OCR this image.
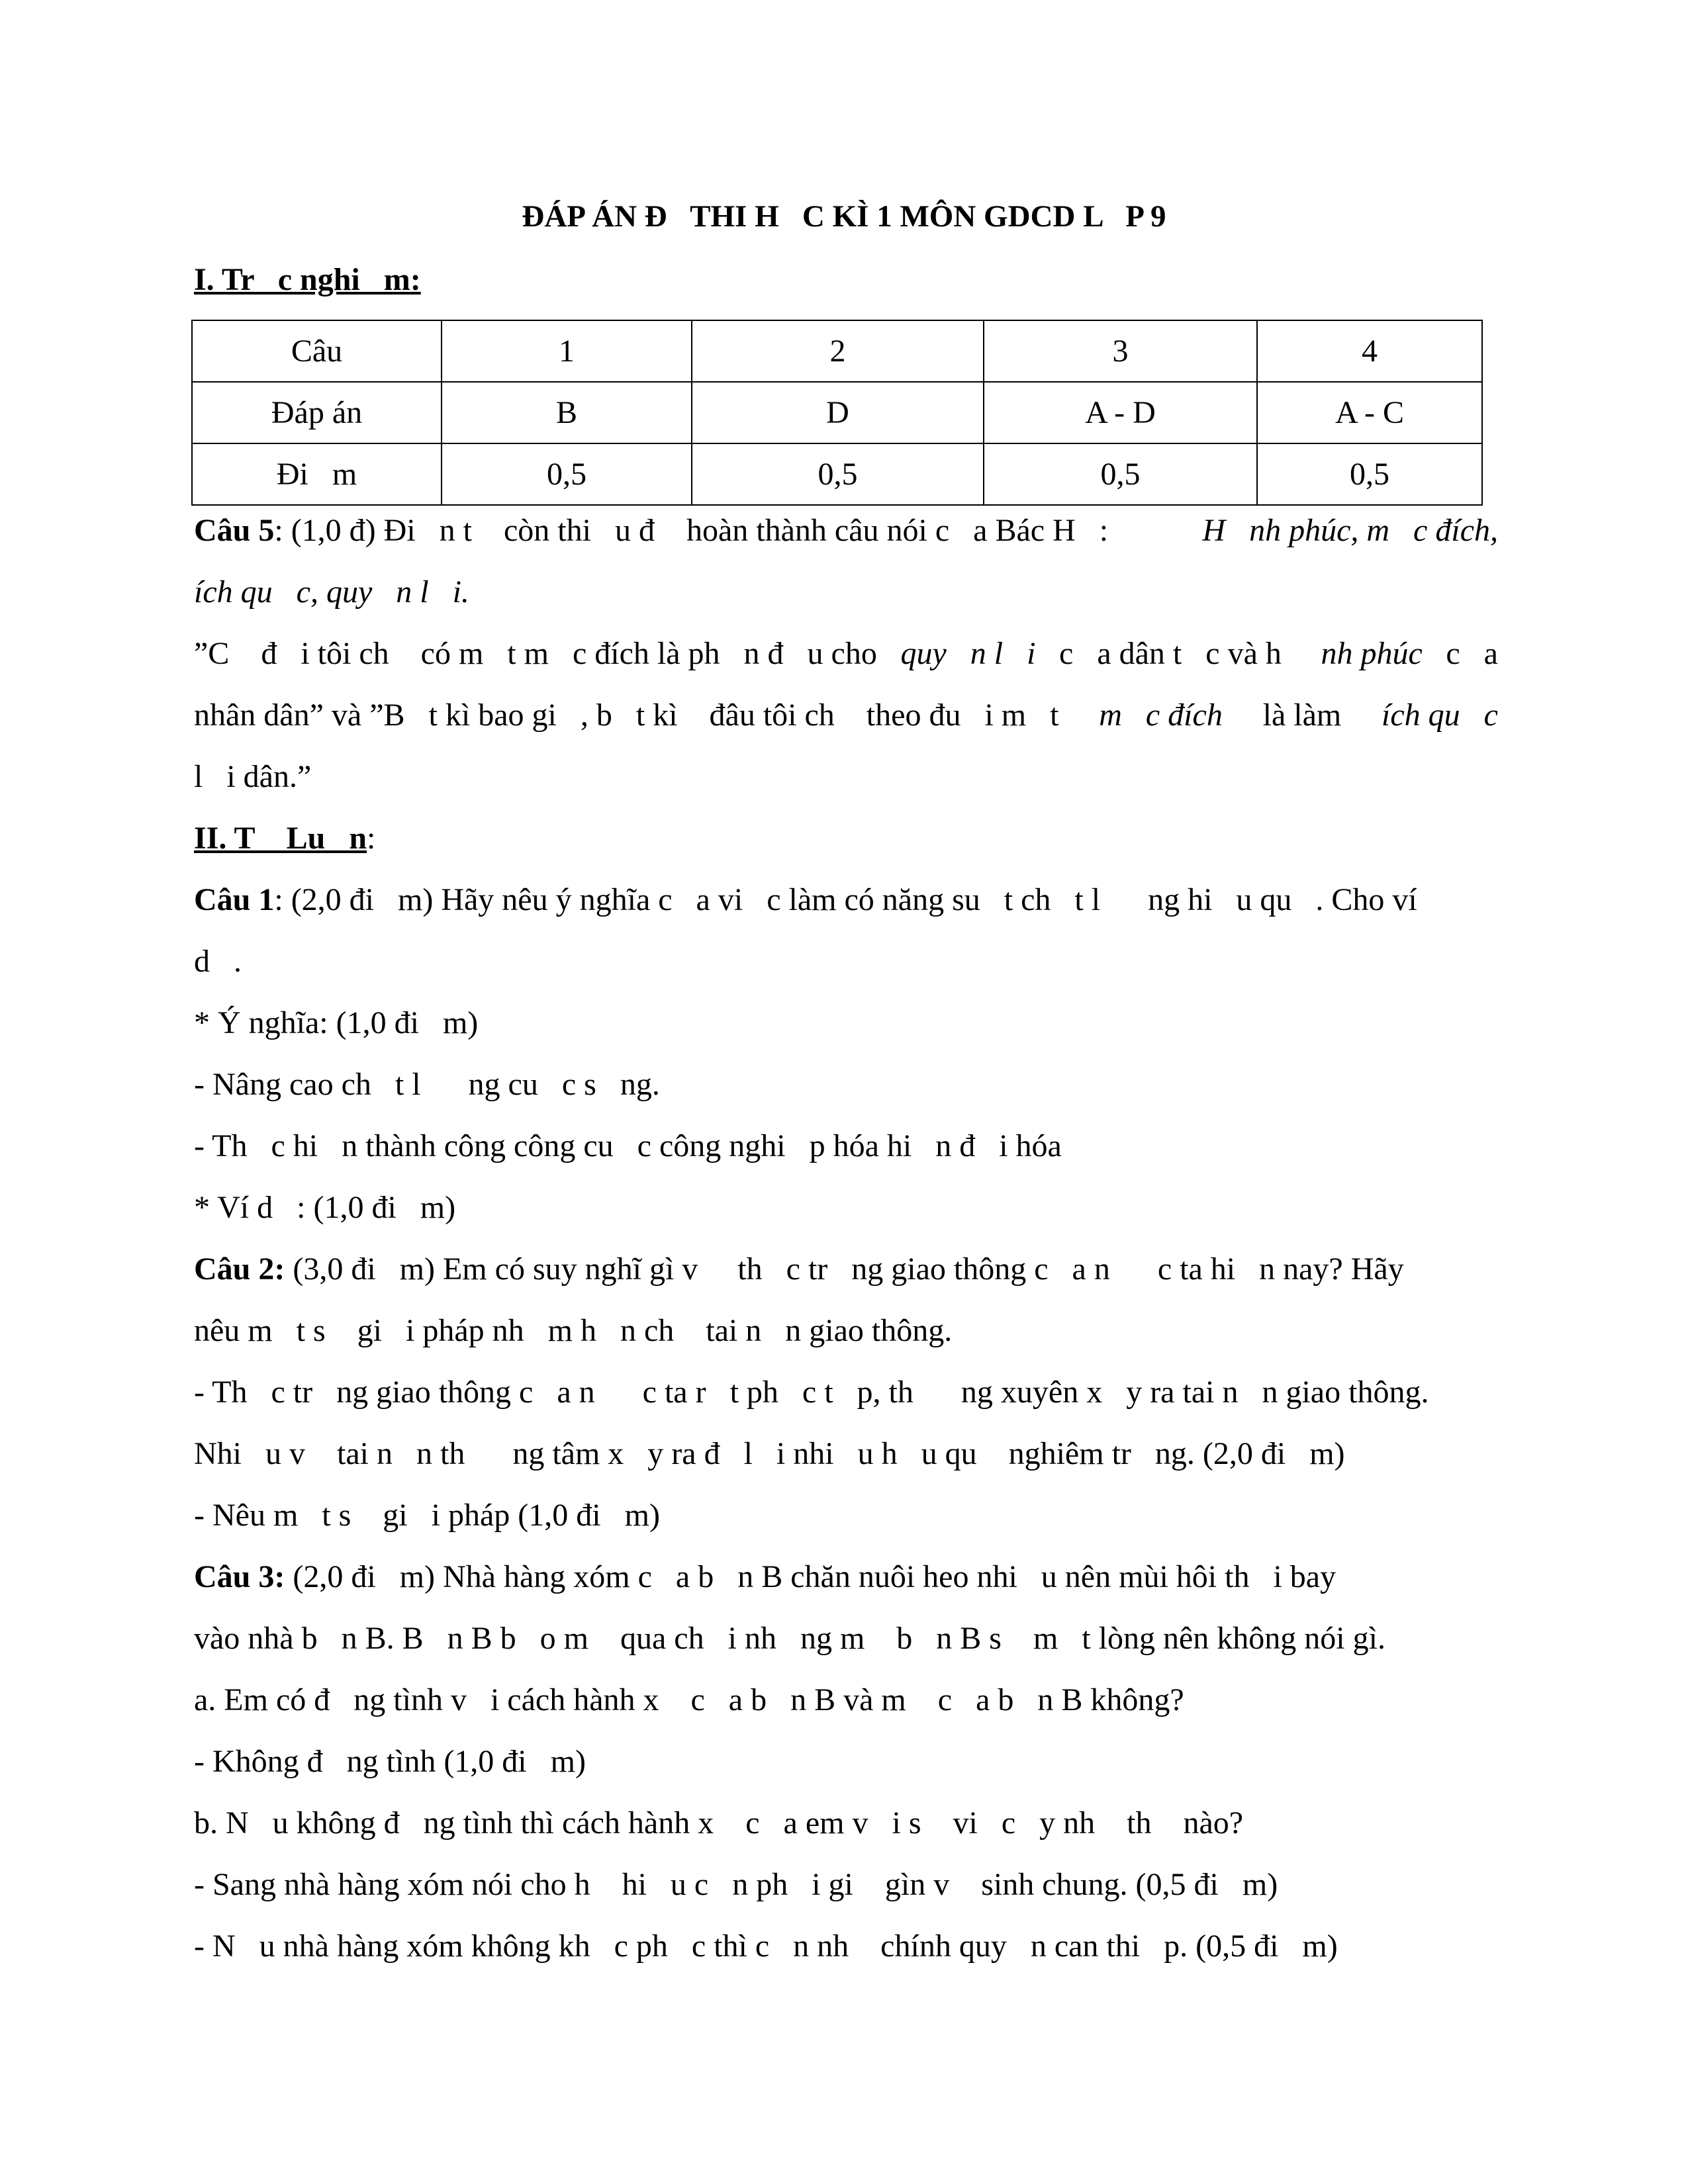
ĐÁP ÁN Đ   THI H   C KÌ 1 MÔN GDCD L   P 9
I. Tr   c nghi   m:
Câu	1	2	3	4
Đáp án	B	D	A - D	A - C
Đi   m	0,5	0,5	0,5	0,5
Câu 5: (1,0 đ) Đi   n t    còn thi   u đ    hoàn thành câu nói c   a Bác H   :	H   nh phúc, m   c đích,
ích qu   c, quy   n l   i.
”C    đ   i tôi ch    có m   t m   c đích là ph   n đ   u cho quy   n l   i c   a dân t   c và h nh phúc c   a
nhân dân” và ”B   t kì bao gi   , b   t kì    đâu tôi ch    theo đu   i m   t m   c đích là làm ích qu   c
l   i dân.”
II. T    Lu   n:
Câu 1: (2,0 đi   m) Hãy nêu ý nghĩa c   a vi   c làm có năng su   t ch   t l      ng hi   u qu   . Cho ví
d   .
* Ý nghĩa: (1,0 đi   m)
- Nâng cao ch   t l      ng cu   c s   ng.
- Th   c hi   n thành công công cu   c công nghi   p hóa hi   n đ   i hóa
* Ví d   : (1,0 đi   m)
Câu 2: (3,0 đi   m) Em có suy nghĩ gì v     th   c tr   ng giao thông c   a n      c ta hi   n nay? Hãy
nêu m   t s    gi   i pháp nh   m h   n ch    tai n   n giao thông.
- Th   c tr   ng giao thông c   a n      c ta r   t ph   c t   p, th      ng xuyên x   y ra tai n   n giao thông.
Nhi   u v    tai n   n th      ng tâm x   y ra đ   l   i nhi   u h   u qu    nghiêm tr   ng. (2,0 đi   m)
- Nêu m   t s    gi   i pháp (1,0 đi   m)
Câu 3: (2,0 đi   m) Nhà hàng xóm c   a b   n B chăn nuôi heo nhi   u nên mùi hôi th   i bay
vào nhà b   n B. B   n B b   o m    qua ch   i nh   ng m    b   n B s    m   t lòng nên không nói gì.
a. Em có đ   ng tình v   i cách hành x    c   a b   n B và m    c   a b   n B không?
- Không đ   ng tình (1,0 đi   m)
b. N   u không đ   ng tình thì cách hành x    c   a em v   i s    vi   c   y nh    th    nào?
- Sang nhà hàng xóm nói cho h    hi   u c   n ph   i gi    gìn v    sinh chung. (0,5 đi   m)
- N   u nhà hàng xóm không kh   c ph   c thì c   n nh    chính quy   n can thi   p. (0,5 đi   m)
